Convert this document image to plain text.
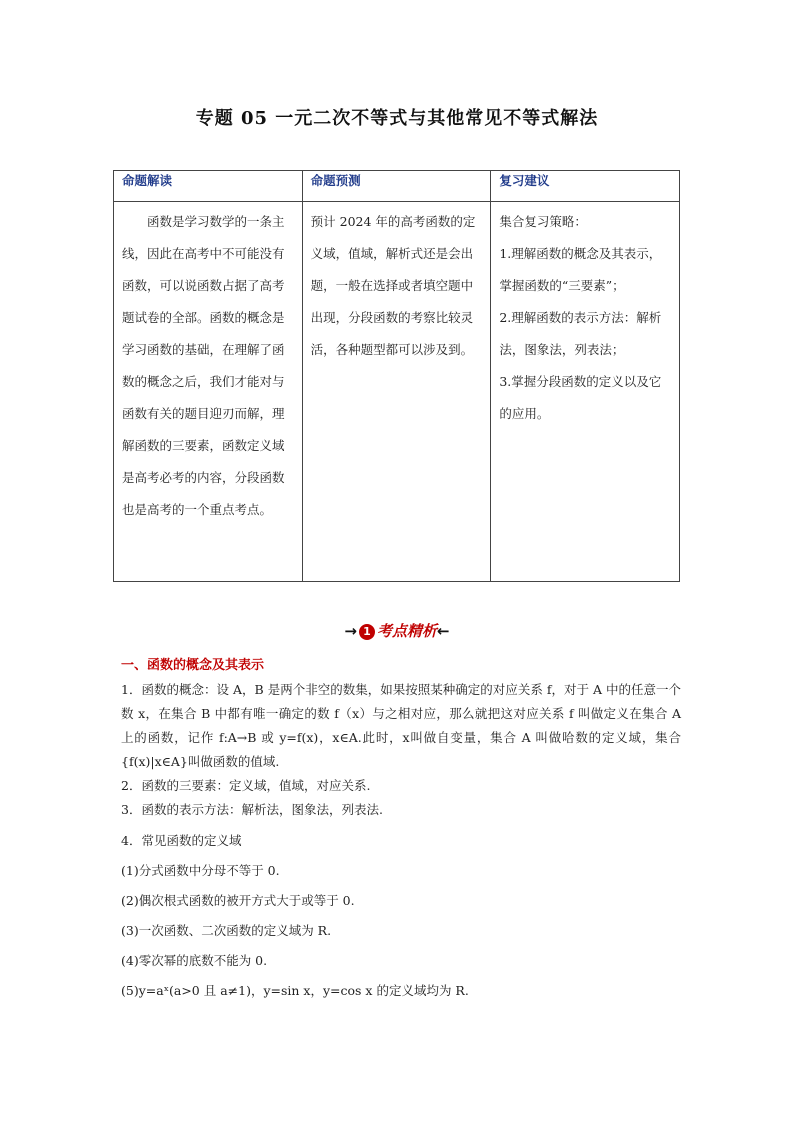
专题 05 一元二次不等式与其他常见不等式解法
命题解读	命题预测	复习建议

函数是学习数学的一条主线，因此在高考中不可能没有函数，可以说函数占据了高考题试卷的全部。函数的概念是学习函数的基础，在理解了函数的概念之后，我们才能对与函数有关的题目迎刃而解，理解函数的三要素，函数定义域是高考必考的内容，分段函数也是高考的一个重点考点。	预计 2024 年的高考函数的定义域，值域，解析式还是会出题，一般在选择或者填空题中出现，分段函数的考察比较灵活，各种题型都可以涉及到。	集合复习策略：
1.理解函数的概念及其表示，掌握函数的“三要素”；
2.理解函数的表示方法：解析法，图象法，列表法；
3.掌握分段函数的定义以及它的应用。
→ 1 考点精析←
一、函数的概念及其表示
1．函数的概念：设 A，B 是两个非空的数集，如果按照某种确定的对应关系 f，对于 A 中的任意一个数 x，在集合 B 中都有唯一确定的数 f（x）与之相对应，那么就把这对应关系 f 叫做定义在集合 A 上的函数，记作 f:A→B 或 y=f(x)，x∈A.此时，x叫做自变量，集合 A 叫做哈数的定义域，集合{f(x)|x∈A}叫做函数的值域.
2．函数的三要素：定义域，值域，对应关系.
3．函数的表示方法：解析法，图象法，列表法.
4．常见函数的定义域
(1)分式函数中分母不等于 0.
(2)偶次根式函数的被开方式大于或等于 0.
(3)一次函数、二次函数的定义域为 R.
(4)零次幂的底数不能为 0.
(5)y=aˣ(a>0 且 a≠1)，y=sin x，y=cos x 的定义域均为 R.
